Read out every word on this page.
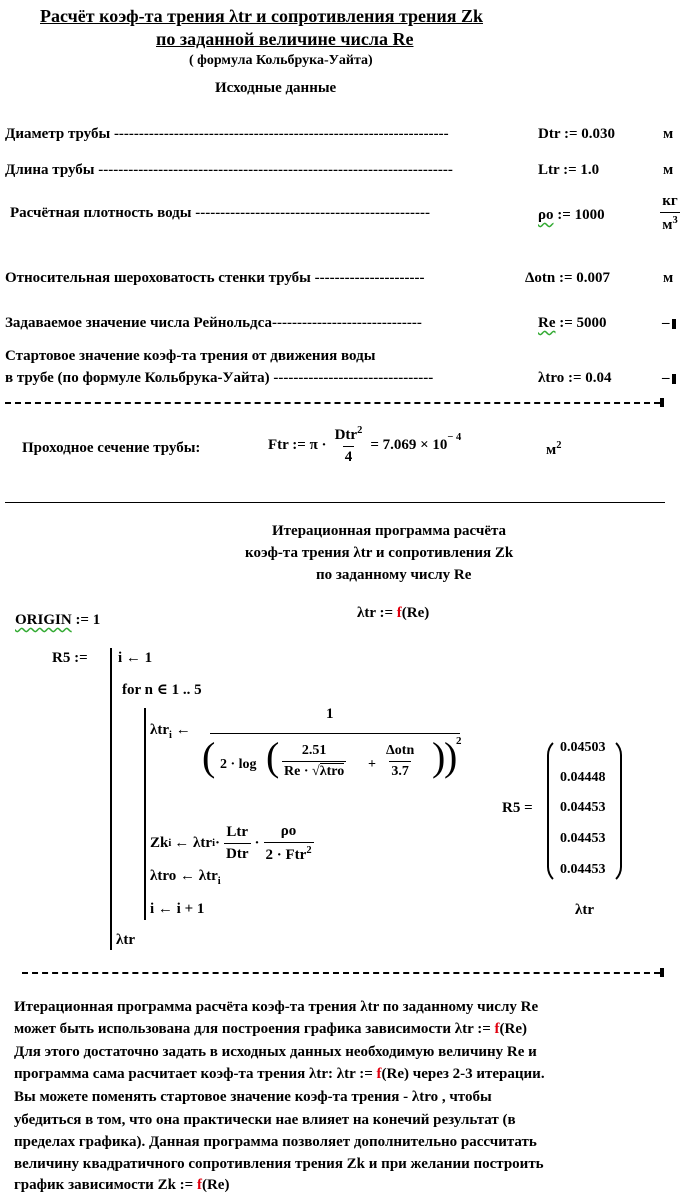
Расчёт коэф-та трения λtr и сопротивления трения Zk
по заданной величине числа Re
( формула Кольбрука-Уайта)
Исходные данные
Диаметр трубы -------------------------------------------------------------------	Dtr := 0.030	м
Длина трубы -----------------------------------------------------------------------	Ltr := 1.0	м
Расчётная плотность воды -----------------------------------------------	ρo := 1000
кг
$м^3$
Относительная шероховатость стенки трубы ----------------------	Δotn := 0.007	м
Задаваемое значение числа Рейнольдса------------------------------	Re := 5000	–
Стартовое значение коэф-та трения от движения воды
в трубе (по формуле Кольбрука-Уайта) --------------------------------	λtro := 0.04	–
Проходное сечение трубы:	Ftr := $\pi \cdot \frac{Dtr^2}{4} = 7.069 \times 10^{- 4}$
$м^2$
Итерационная программа расчёта
коэф-та трения λtr и сопротивления Zk
по заданному числу Re
λtr := f(Re)
ORIGIN := 1
R5 := i ← 1
for n ∈ 1 .. 5
λtr$_i$ ←
1
( 2 · log ( 2.51
Re · √λtro +
Δotn
3.7 )
)
2
Zk i ← λtr $i \cdot \frac{\text{Ltr}}{\text{Dtr}} \cdot \frac{\rho o}{2 \cdot Ftr^2}$
λtro ← λtr$_i$
i ← i + 1
λtr
R5 =
0.04503
0.04448
0.04453
0.04453
0.04453
λtr
Итерационная программа расчёта коэф-та трения λtr по заданному числу Re
может быть использована для построения графика зависимости λtr := f(Re)
Для этого достаточно задать в исходных данных необходимую величину Re и
программа сама расчитает коэф-та трения λtr: λtr := f(Re) через 2-3 итерации.
Вы можете поменять стартовое значение коэф-та трения - λtro , чтобы
убедиться в том, что она практически нае влияет на конечий результат (в
пределах графика). Данная программа позволяет дополнительно рассчитать
величину квадратичного сопротивления трения Zk и при желании построить
график зависимости Zk := f(Re)
